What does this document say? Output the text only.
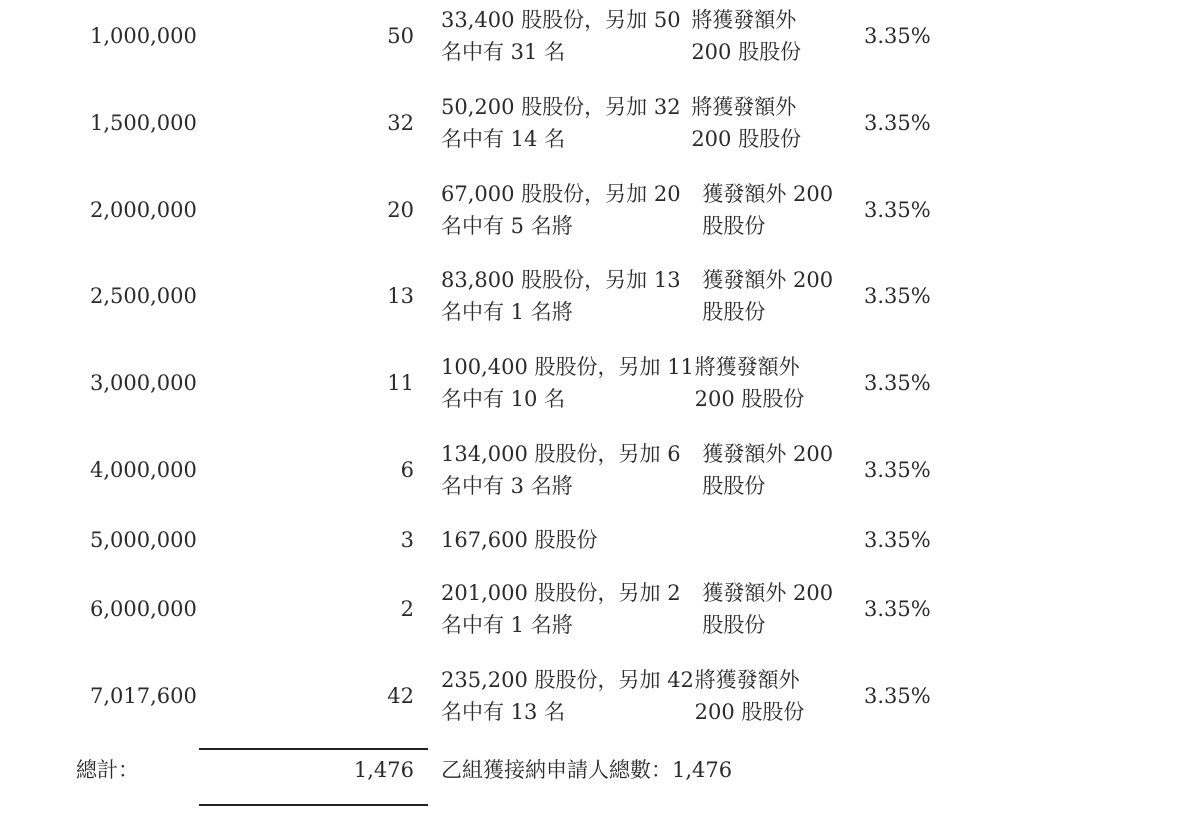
1,000,000	50
33,400 股股份，另加 50 名中有 31 名
將獲發額外 200 股股份
3.35%
1,500,000	32
50,200 股股份，另加 32 名中有 14 名
將獲發額外 200 股股份
3.35%
2,000,000	20
67,000 股股份，另加 20 名中有 5 名將
獲發額外 200 股股份
3.35%
2,500,000	13
83,800 股股份，另加 13 名中有 1 名將
獲發額外 200 股股份
3.35%
3,000,000	11
100,400 股股份，另加 11 名中有 10 名
將獲發額外 200 股股份
3.35%
4,000,000	6
134,000 股股份，另加 6 名中有 3 名將
獲發額外 200 股股份
3.35%
5,000,000	3 167,600 股股份	3.35%
6,000,000	2
201,000 股股份，另加 2 名中有 1 名將
獲發額外 200 股股份
3.35%
7,017,600	42
235,200 股股份，另加 42 名中有 13 名
將獲發額外 200 股股份
3.35%
總計：	1,476 乙組獲接納申請人總數：1,476
